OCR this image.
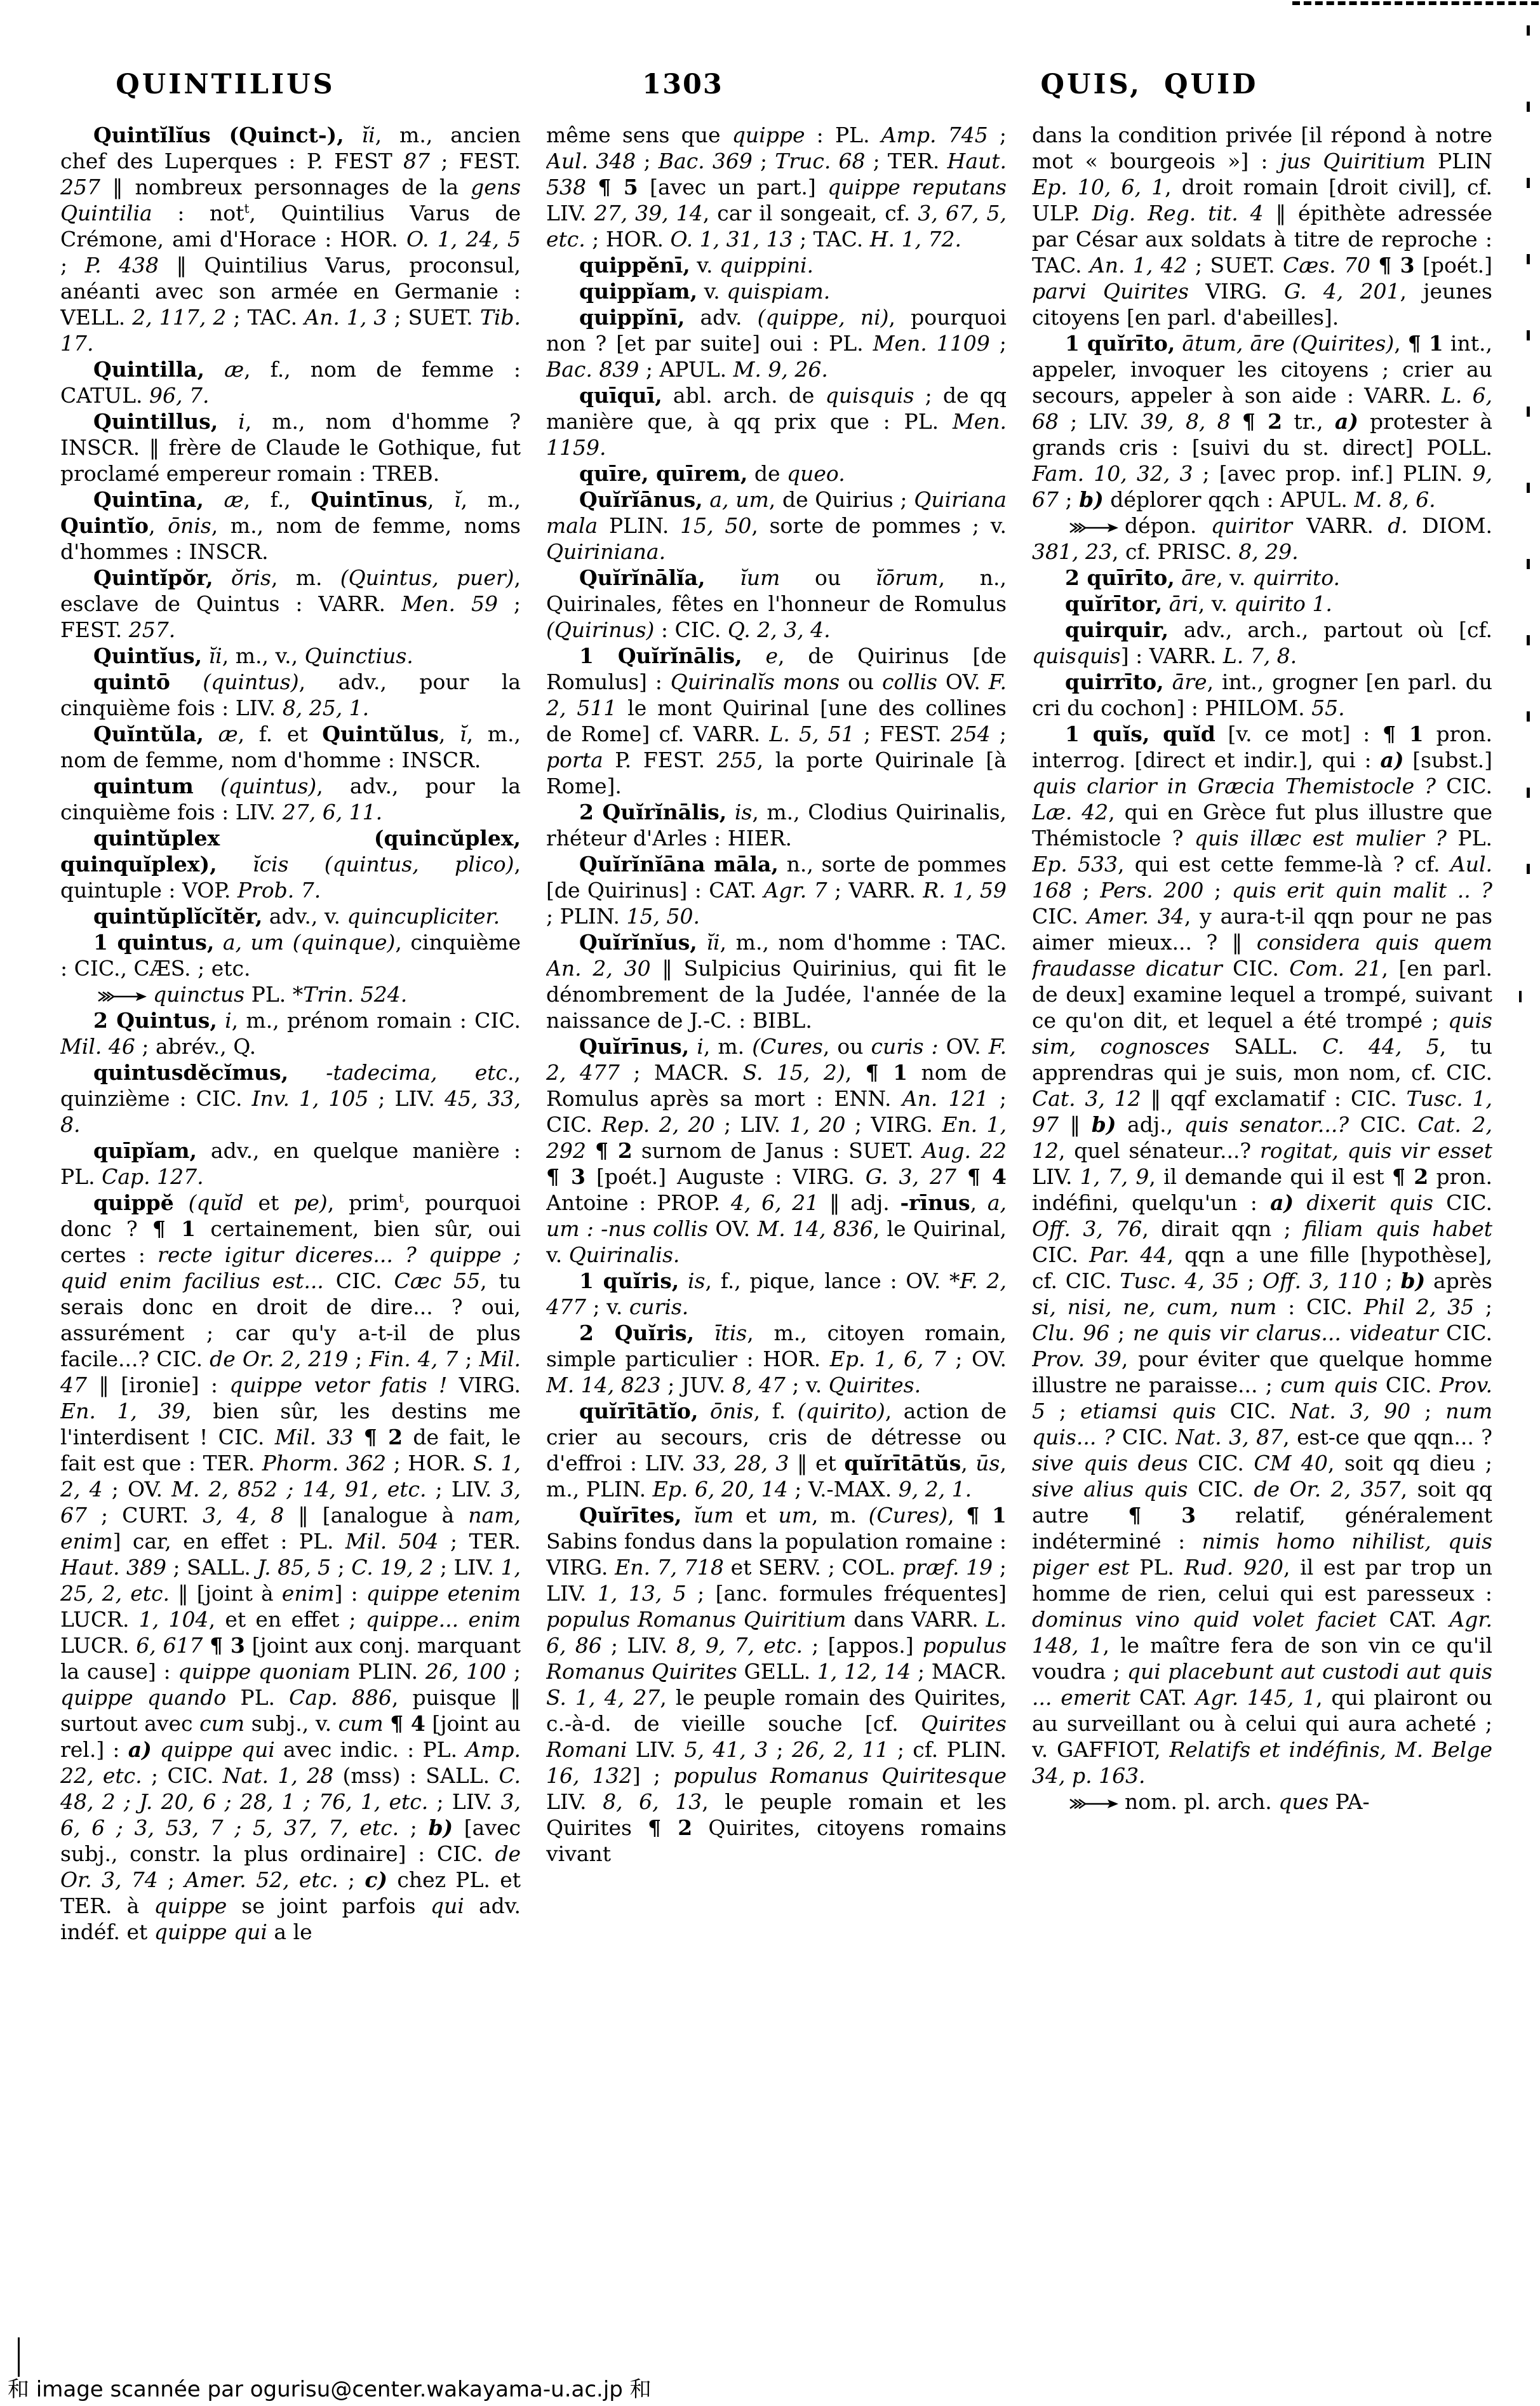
QUINTILIUS	1303	QUIS, QUID

Quintĭlĭus (Quinct-), ĭi, m., ancien chef des Luperques : P. FEST 87 ; FEST. 257 ‖ nombreux personnages de la gens Quintilia : not$^t$, Quintilius Varus de Crémone, ami d'Horace : HOR. O. 1, 24, 5 ; P. 438 ‖ Quintilius Varus, proconsul, anéanti avec son armée en Germanie : VELL. 2, 117, 2 ; TAC. An. 1, 3 ; SUET. Tib. 17.

Quintilla, æ, f., nom de femme : CATUL. 96, 7.

Quintillus, i, m., nom d'homme ? INSCR. ‖ frère de Claude le Gothique, fut proclamé empereur romain : TREB.

Quintīna, æ, f., Quintīnus, ĭ, m., Quintĭo, ōnis, m., nom de femme, noms d'hommes : INSCR.

Quintĭpŏr, ŏris, m. (Quintus, puer), esclave de Quintus : VARR. Men. 59 ; FEST. 257.

Quintĭus, ĭi, m., v., Quinctius.

quintō (quintus), adv., pour la cinquième fois : LIV. 8, 25, 1.

Quĭntŭla, æ, f. et Quintŭlus, ĭ, m., nom de femme, nom d'homme : INSCR.

quintum (quintus), adv., pour la cinquième fois : LIV. 27, 6, 11.

quintŭplex (quincŭplex, quinquĭplex), ĭcis (quintus, plico), quintuple : VOP. Prob. 7.

quintŭplĭcĭtĕr, adv., v. quincupliciter.

1 quintus, a, um (quinque), cinquième : CIC., CÆS. ; etc.

quinctus PL. *Trin. 524.

2 Quintus, i, m., prénom romain : CIC. Mil. 46 ; abrév., Q.

quintusdĕcĭmus, -tadecima, etc., quinzième : CIC. Inv. 1, 105 ; LIV. 45, 33, 8.

quīpĭam, adv., en quelque manière : PL. Cap. 127.

quippĕ (quĭd et pe), prim$^t$, pourquoi donc ? ¶ 1 certainement, bien sûr, oui certes : recte igitur diceres... ? quippe ; quid enim facilius est... CIC. Cæc 55, tu serais donc en droit de dire... ? oui, assurément ; car qu'y a-t-il de plus facile...? CIC. de Or. 2, 219 ; Fin. 4, 7 ; Mil. 47 ‖ [ironie] : quippe vetor fatis ! VIRG. En. 1, 39, bien sûr, les destins me l'interdisent ! CIC. Mil. 33 ¶ 2 de fait, le fait est que : TER. Phorm. 362 ; HOR. S. 1, 2, 4 ; OV. M. 2, 852 ; 14, 91, etc. ; LIV. 3, 67 ; CURT. 3, 4, 8 ‖ [analogue à nam, enim] car, en effet : PL. Mil. 504 ; TER. Haut. 389 ; SALL. J. 85, 5 ; C. 19, 2 ; LIV. 1, 25, 2, etc. ‖ [joint à enim] : quippe etenim LUCR. 1, 104, et en effet ; quippe... enim LUCR. 6, 617 ¶ 3 [joint aux conj. marquant la cause] : quippe quoniam PLIN. 26, 100 ; quippe quando PL. Cap. 886, puisque ‖ surtout avec cum subj., v. cum ¶ 4 [joint au rel.] : a) quippe qui avec indic. : PL. Amp. 22, etc. ; CIC. Nat. 1, 28 (mss) : SALL. C. 48, 2 ; J. 20, 6 ; 28, 1 ; 76, 1, etc. ; LIV. 3, 6, 6 ; 3, 53, 7 ; 5, 37, 7, etc. ; b) [avec subj., constr. la plus ordinaire] : CIC. de Or. 3, 74 ; Amer. 52, etc. ; c) chez PL. et TER. à quippe se joint parfois qui adv. indéf. et quippe qui a le

même sens que quippe : PL. Amp. 745 ; Aul. 348 ; Bac. 369 ; Truc. 68 ; TER. Haut. 538 ¶ 5 [avec un part.] quippe reputans LIV. 27, 39, 14, car il songeait, cf. 3, 67, 5, etc. ; HOR. O. 1, 31, 13 ; TAC. H. 1, 72.

quippĕnī, v. quippini.

quippĭam, v. quispiam.

quippĭnī, adv. (quippe, ni), pourquoi non ? [et par suite] oui : PL. Men. 1109 ; Bac. 839 ; APUL. M. 9, 26.

quīquī, abl. arch. de quisquis ; de qq manière que, à qq prix que : PL. Men. 1159.

quīre, quīrem, de queo.

Quĭrĭānus, a, um, de Quirius ; Quiriana mala PLIN. 15, 50, sorte de pommes ; v. Quiriniana.

Quĭrĭnālĭa, ĭum ou ĭōrum, n., Quirinales, fêtes en l'honneur de Romulus (Quirinus) : CIC. Q. 2, 3, 4.

1 Quĭrĭnālis, e, de Quirinus [de Romulus] : Quirinalĭs mons ou collis OV. F. 2, 511 le mont Quirinal [une des collines de Rome] cf. VARR. L. 5, 51 ; FEST. 254 ; porta P. FEST. 255, la porte Quirinale [à Rome].

2 Quĭrĭnālis, is, m., Clodius Quirinalis, rhéteur d'Arles : HIER.

Quĭrĭnĭāna māla, n., sorte de pommes [de Quirinus] : CAT. Agr. 7 ; VARR. R. 1, 59 ; PLIN. 15, 50.

Quĭrĭnĭus, ĭi, m., nom d'homme : TAC. An. 2, 30 ‖ Sulpicius Quirinius, qui fit le dénombrement de la Judée, l'année de la naissance de J.-C. : BIBL.

Quĭrīnus, i, m. (Cures, ou curis : OV. F. 2, 477 ; MACR. S. 15, 2), ¶ 1 nom de Romulus après sa mort : ENN. An. 121 ; CIC. Rep. 2, 20 ; LIV. 1, 20 ; VIRG. En. 1, 292 ¶ 2 surnom de Janus : SUET. Aug. 22 ¶ 3 [poét.] Auguste : VIRG. G. 3, 27 ¶ 4 Antoine : PROP. 4, 6, 21 ‖ adj. -rīnus, a, um : -nus collis OV. M. 14, 836, le Quirinal, v. Quirinalis.

1 quĭris, is, f., pique, lance : OV. *F. 2, 477 ; v. curis.

2 Quĭris, ītis, m., citoyen romain, simple particulier : HOR. Ep. 1, 6, 7 ; OV. M. 14, 823 ; JUV. 8, 47 ; v. Quirites.

quĭrītātĭo, ōnis, f. (quirito), action de crier au secours, cris de détresse ou d'effroi : LIV. 33, 28, 3 ‖ et quĭrītātŭs, ūs, m., PLIN. Ep. 6, 20, 14 ; V.-MAX. 9, 2, 1.

Quĭrītes, ĭum et um, m. (Cures), ¶ 1 Sabins fondus dans la population romaine : VIRG. En. 7, 718 et SERV. ; COL. præf. 19 ; LIV. 1, 13, 5 ; [anc. formules fréquentes] populus Romanus Quiritium dans VARR. L. 6, 86 ; LIV. 8, 9, 7, etc. ; [appos.] populus Romanus Quirites GELL. 1, 12, 14 ; MACR. S. 1, 4, 27, le peuple romain des Quirites, c.-à-d. de vieille souche [cf. Quirites Romani LIV. 5, 41, 3 ; 26, 2, 11 ; cf. PLIN. 16, 132] ; populus Romanus Quiritesque LIV. 8, 6, 13, le peuple romain et les Quirites ¶ 2 Quirites, citoyens romains vivant

dans la condition privée [il répond à notre mot « bourgeois »] : jus Quiritium PLIN Ep. 10, 6, 1, droit romain [droit civil], cf. ULP. Dig. Reg. tit. 4 ‖ épithète adressée par César aux soldats à titre de reproche : TAC. An. 1, 42 ; SUET. Cæs. 70 ¶ 3 [poét.] parvi Quirites VIRG. G. 4, 201, jeunes citoyens [en parl. d'abeilles].

1 quĭrīto, ātum, āre (Quirites), ¶ 1 int., appeler, invoquer les citoyens ; crier au secours, appeler à son aide : VARR. L. 6, 68 ; LIV. 39, 8, 8 ¶ 2 tr., a) protester à grands cris : [suivi du st. direct] POLL. Fam. 10, 32, 3 ; [avec prop. inf.] PLIN. 9, 67 ; b) déplorer qqch : APUL. M. 8, 6.

dépon. quiritor VARR. d. DIOM. 381, 23, cf. PRISC. 8, 29.

2 quīrīto, āre, v. quirrito.

quĭrītor, āri, v. quirito 1.

quirquir, adv., arch., partout où [cf. quisquis] : VARR. L. 7, 8.

quirrīto, āre, int., grogner [en parl. du cri du cochon] : PHILOM. 55.

1 quĭs, quĭd [v. ce mot] : ¶ 1 pron. interrog. [direct et indir.], qui : a) [subst.] quis clarior in Græcia Themistocle ? CIC. Læ. 42, qui en Grèce fut plus illustre que Thémistocle ? quis illæc est mulier ? PL. Ep. 533, qui est cette femme-là ? cf. Aul. 168 ; Pers. 200 ; quis erit quin malit .. ? CIC. Amer. 34, y aura-t-il qqn pour ne pas aimer mieux... ? ‖ considera quis quem fraudasse dicatur CIC. Com. 21, [en parl. de deux] examine lequel a trompé, suivant ce qu'on dit, et lequel a été trompé ; quis sim, cognosces SALL. C. 44, 5, tu apprendras qui je suis, mon nom, cf. CIC. Cat. 3, 12 ‖ qqf exclamatif : CIC. Tusc. 1, 97 ‖ b) adj., quis senator...? CIC. Cat. 2, 12, quel sénateur...? rogitat, quis vir esset LIV. 1, 7, 9, il demande qui il est ¶ 2 pron. indéfini, quelqu'un : a) dixerit quis CIC. Off. 3, 76, dirait qqn ; filiam quis habet CIC. Par. 44, qqn a une fille [hypothèse], cf. CIC. Tusc. 4, 35 ; Off. 3, 110 ; b) après si, nisi, ne, cum, num : CIC. Phil 2, 35 ; Clu. 96 ; ne quis vir clarus... videatur CIC. Prov. 39, pour éviter que quelque homme illustre ne paraisse... ; cum quis CIC. Prov. 5 ; etiamsi quis CIC. Nat. 3, 90 ; num quis... ? CIC. Nat. 3, 87, est-ce que qqn... ? sive quis deus CIC. CM 40, soit qq dieu ; sive alius quis CIC. de Or. 2, 357, soit qq autre ¶ 3 relatif, généralement indéterminé : nimis homo nihilist, quis piger est PL. Rud. 920, il est par trop un homme de rien, celui qui est paresseux : dominus vino quid volet faciet CAT. Agr. 148, 1, le maître fera de son vin ce qu'il voudra ; qui placebunt aut custodi aut quis ... emerit CAT. Agr. 145, 1, qui plairont ou au surveillant ou à celui qui aura acheté ; v. GAFFIOT, Relatifs et indéfinis, M. Belge 34, p. 163.

nom. pl. arch. ques PA-

和 image scannée par ogurisu@center.wakayama-u.ac.jp 和
